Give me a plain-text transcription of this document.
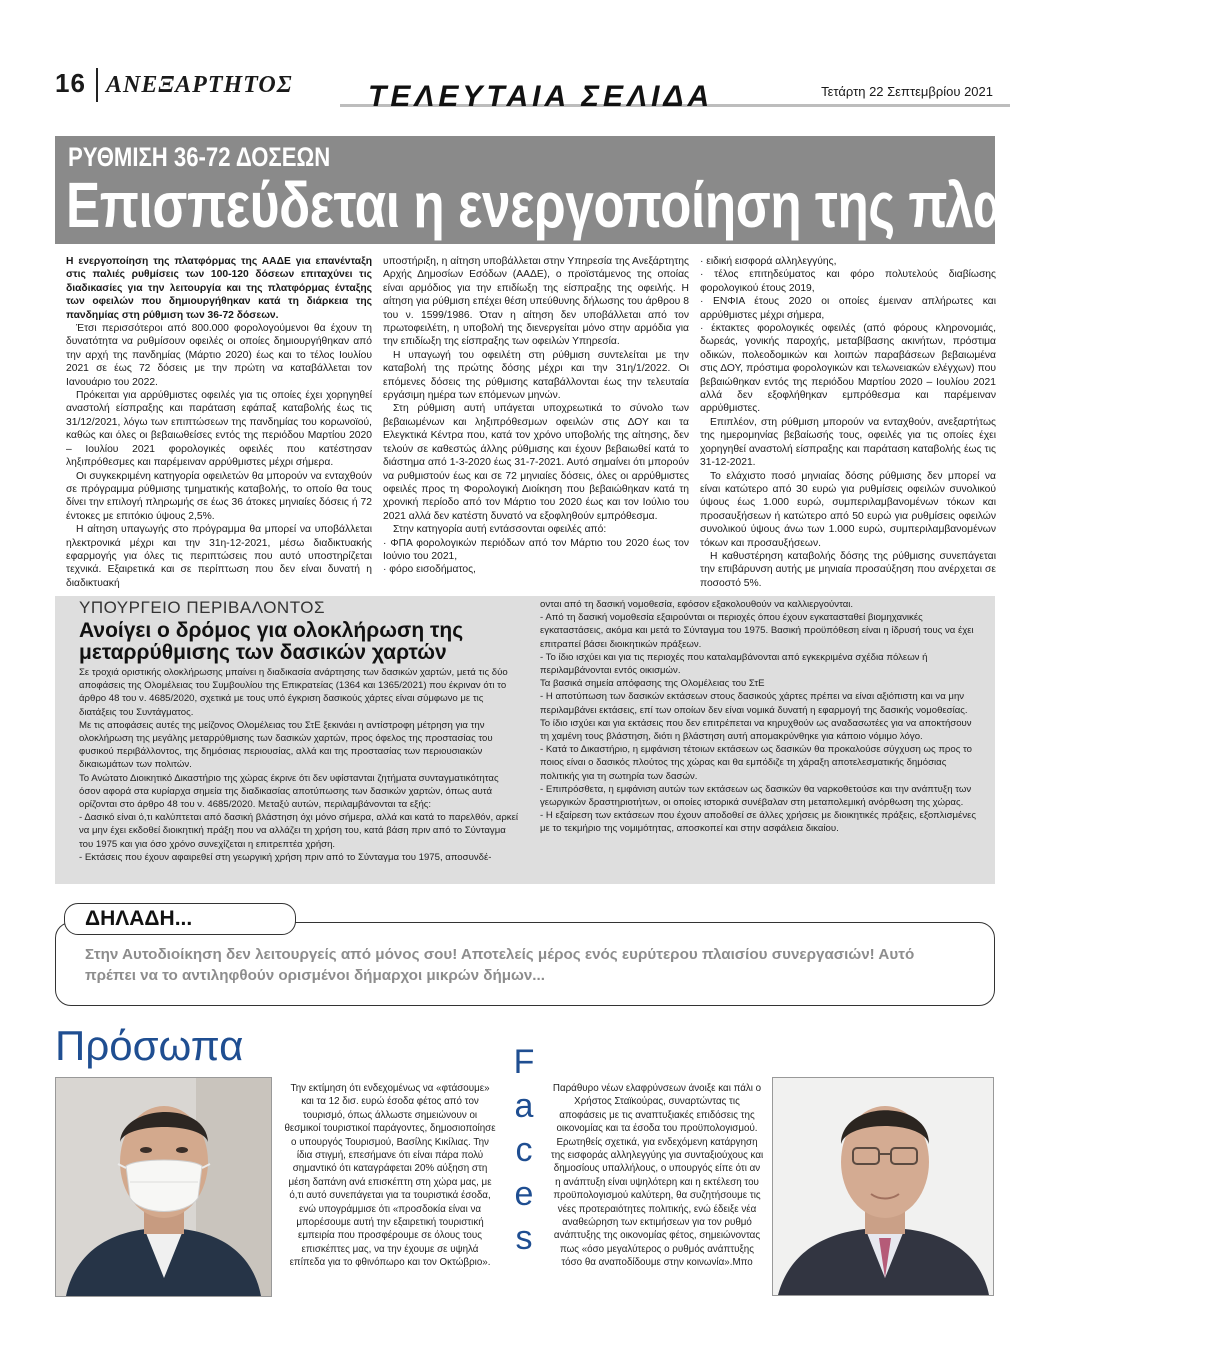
16 ΑΝΕΞΑΡΤΗΤΟΣ	ΤΕΛΕΥΤΑΙΑ ΣΕΛΙΔΑ	Τετάρτη 22 Σεπτεμβρίου 2021
ΡΥΘΜΙΣΗ 36-72 ΔΟΣΕΩΝ
Επισπεύδεται η ενεργοποίηση της πλατφόρμας

Η ενεργοποίηση της πλατφόρμας της ΑΑΔΕ για επανένταξη στις παλιές ρυθμίσεις των 100-120 δόσεων επιταχύνει τις διαδικασίες για την λειτουργία και της πλατφόρμας ένταξης των οφειλών που δημιουργήθηκαν κατά τη διάρκεια της πανδημίας στη ρύθμιση των 36-72 δόσεων.

Έτσι περισσότεροι από 800.000 φορολογούμενοι θα έχουν τη δυνατότητα να ρυθμίσουν οφειλές οι οποίες δημιουργήθηκαν από την αρχή της πανδημίας (Μάρτιο 2020) έως και το τέλος Ιουλίου 2021 σε έως 72 δόσεις με την πρώτη να καταβάλλεται τον Ιανουάριο του 2022.

Πρόκειται για αρρύθμιστες οφειλές για τις οποίες έχει χορηγηθεί αναστολή είσπραξης και παράταση εφάπαξ καταβολής έως τις 31/12/2021, λόγω των επιπτώσεων της πανδημίας του κορωνοϊού, καθώς και όλες οι βεβαιωθείσες εντός της περιόδου Μαρτίου 2020 – Ιουλίου 2021 φορολογικές οφειλές που κατέστησαν ληξιπρόθεσμες και παρέμειναν αρρύθμιστες μέχρι σήμερα.

Οι συγκεκριμένη κατηγορία οφειλετών θα μπορούν να ενταχθούν σε πρόγραμμα ρύθμισης τμηματικής καταβολής, το οποίο θα τους δίνει την επιλογή πληρωμής σε έως 36 άτοκες μηνιαίες δόσεις ή 72 έντοκες με επιτόκιο ύψους 2,5%.

Η αίτηση υπαγωγής στο πρόγραμμα θα μπορεί να υποβάλλεται ηλεκτρονικά μέχρι και την 31η-12-2021, μέσω διαδικτυακής εφαρμογής για όλες τις περιπτώσεις που αυτό υποστηρίζεται τεχνικά. Εξαιρετικά και σε περίπτωση που δεν είναι δυνατή η διαδικτυακή

υποστήριξη, η αίτηση υποβάλλεται στην Υπηρεσία της Ανεξάρτητης Αρχής Δημοσίων Εσόδων (ΑΑΔΕ), ο προϊστάμενος της οποίας είναι αρμόδιος για την επιδίωξη της είσπραξης της οφειλής. Η αίτηση για ρύθμιση επέχει θέση υπεύθυνης δήλωσης του άρθρου 8 του ν. 1599/1986. Όταν η αίτηση δεν υποβάλλεται από τον πρωτοφειλέτη, η υποβολή της διενεργείται μόνο στην αρμόδια για την επιδίωξη της είσπραξης των οφειλών Υπηρεσία.

Η υπαγωγή του οφειλέτη στη ρύθμιση συντελείται με την καταβολή της πρώτης δόσης μέχρι και την 31η/1/2022. Οι επόμενες δόσεις της ρύθμισης καταβάλλονται έως την τελευταία εργάσιμη ημέρα των επόμενων μηνών.

Στη ρύθμιση αυτή υπάγεται υποχρεωτικά το σύνολο των βεβαιωμένων και ληξιπρόθεσμων οφειλών στις ΔΟΥ και τα Ελεγκτικά Κέντρα που, κατά τον χρόνο υποβολής της αίτησης, δεν τελούν σε καθεστώς άλλης ρύθμισης και έχουν βεβαιωθεί κατά το διάστημα από 1-3-2020 έως 31-7-2021. Αυτό σημαίνει ότι μπορούν να ρυθμιστούν έως και σε 72 μηνιαίες δόσεις, όλες οι αρρύθμιστες οφειλές προς τη Φορολογική Διοίκηση που βεβαιώθηκαν κατά τη χρονική περίοδο από τον Μάρτιο του 2020 έως και τον Ιούλιο του 2021 αλλά δεν κατέστη δυνατό να εξοφληθούν εμπρόθεσμα.

Στην κατηγορία αυτή εντάσσονται οφειλές από:

· ΦΠΑ φορολογικών περιόδων από τον Μάρτιο του 2020 έως τον Ιούνιο του 2021,

· φόρο εισοδήματος,

· ειδική εισφορά αλληλεγγύης,

· τέλος επιτηδεύματος και φόρο πολυτελούς διαβίωσης φορολογικού έτους 2019,

· ΕΝΦΙΑ έτους 2020 οι οποίες έμειναν απλήρωτες και αρρύθμιστες μέχρι σήμερα,

· έκτακτες φορολογικές οφειλές (από φόρους κληρονομιάς, δωρεάς, γονικής παροχής, μεταβίβασης ακινήτων, πρόστιμα οδικών, πολεοδομικών και λοιπών παραβάσεων βεβαιωμένα στις ΔΟΥ, πρόστιμα φορολογικών και τελωνειακών ελέγχων) που βεβαιώθηκαν εντός της περιόδου Μαρτίου 2020 – Ιουλίου 2021 αλλά δεν εξοφλήθηκαν εμπρόθεσμα και παρέμειναν αρρύθμιστες.

Επιπλέον, στη ρύθμιση μπορούν να ενταχθούν, ανεξαρτήτως της ημερομηνίας βεβαίωσής τους, οφειλές για τις οποίες έχει χορηγηθεί αναστολή είσπραξης και παράταση καταβολής έως τις 31-12-2021.

Το ελάχιστο ποσό μηνιαίας δόσης ρύθμισης δεν μπορεί να είναι κατώτερο από 30 ευρώ για ρυθμίσεις οφειλών συνολικού ύψους έως 1.000 ευρώ, συμπεριλαμβανομένων τόκων και προσαυξήσεων ή κατώτερο από 50 ευρώ για ρυθμίσεις οφειλών συνολικού ύψους άνω των 1.000 ευρώ, συμπεριλαμβανομένων τόκων και προσαυξήσεων.

Η καθυστέρηση καταβολής δόσης της ρύθμισης συνεπάγεται την επιβάρυνση αυτής με μηνιαία προσαύξηση που ανέρχεται σε ποσοστό 5%.

ΥΠΟΥΡΓΕΙΟ ΠΕΡΙΒΑΛΟΝΤΟΣ
Ανοίγει ο δρόμος για ολοκλήρωση της μεταρρύθμισης των δασικών χαρτών

Σε τροχιά οριστικής ολοκλήρωσης μπαίνει η διαδικασία ανάρτησης των δασικών χαρτών, μετά τις δύο αποφάσεις της Ολομέλειας του Συμβουλίου της Επικρατείας (1364 και 1365/2021) που έκριναν ότι το άρθρο 48 του ν. 4685/2020, σχετικά με τους υπό έγκριση δασικούς χάρτες είναι σύμφωνο με τις διατάξεις του Συντάγματος.

Με τις αποφάσεις αυτές της μείζονος Ολομέλειας του ΣτΕ ξεκινάει η αντίστροφη μέτρηση για την ολοκλήρωση της μεγάλης μεταρρύθμισης των δασικών χαρτών, προς όφελος της προστασίας του φυσικού περιβάλλοντος, της δημόσιας περιουσίας, αλλά και της προστασίας των περιουσιακών δικαιωμάτων των πολιτών.

Το Ανώτατο Διοικητικό Δικαστήριο της χώρας έκρινε ότι δεν υφίστανται ζητήματα συνταγματικότητας όσον αφορά στα κυρίαρχα σημεία της διαδικασίας αποτύπωσης των δασικών χαρτών, όπως αυτά ορίζονται στο άρθρο 48 του ν. 4685/2020. Μεταξύ αυτών, περιλαμβάνονται τα εξής:

- Δασικό είναι ό,τι καλύπτεται από δασική βλάστηση όχι μόνο σήμερα, αλλά και κατά το παρελθόν, αρκεί να μην έχει εκδοθεί διοικητική πράξη που να αλλάζει τη χρήση του, κατά βάση πριν από το Σύνταγμα του 1975 και για όσο χρόνο συνεχίζεται η επιτρεπτέα χρήση.

- Εκτάσεις που έχουν αφαιρεθεί στη γεωργική χρήση πριν από το Σύνταγμα του 1975, αποσυνδέ-

ονται από τη δασική νομοθεσία, εφόσον εξακολουθούν να καλλιεργούνται.

- Από τη δασική νομοθεσία εξαιρούνται οι περιοχές όπου έχουν εγκατασταθεί βιομηχανικές εγκαταστάσεις, ακόμα και μετά το Σύνταγμα του 1975. Βασική προϋπόθεση είναι η ίδρυσή τους να έχει επιτραπεί βάσει διοικητικών πράξεων.

- Το ίδιο ισχύει και για τις περιοχές που καταλαμβάνονται από εγκεκριμένα σχέδια πόλεων ή περιλαμβάνονται εντός οικισμών.

Τα βασικά σημεία απόφασης της Ολομέλειας του ΣτΕ

- Η αποτύπωση των δασικών εκτάσεων στους δασικούς χάρτες πρέπει να είναι αξιόπιστη και να μην περιλαμβάνει εκτάσεις, επί των οποίων δεν είναι νομικά δυνατή η εφαρμογή της δασικής νομοθεσίας. Το ίδιο ισχύει και για εκτάσεις που δεν επιτρέπεται να κηρυχθούν ως αναδασωτέες για να αποκτήσουν τη χαμένη τους βλάστηση, διότι η βλάστηση αυτή απομακρύνθηκε για κάποιο νόμιμο λόγο.

- Κατά το Δικαστήριο, η εμφάνιση τέτοιων εκτάσεων ως δασικών θα προκαλούσε σύγχυση ως προς το ποιος είναι ο δασικός πλούτος της χώρας και θα εμπόδιζε τη χάραξη αποτελεσματικής δημόσιας πολιτικής για τη σωτηρία των δασών.

- Επιπρόσθετα, η εμφάνιση αυτών των εκτάσεων ως δασικών θα ναρκοθετούσε και την ανάπτυξη των γεωργικών δραστηριοτήτων, οι οποίες ιστορικά συνέβαλαν στη μεταπολεμική ανόρθωση της χώρας.

- Η εξαίρεση των εκτάσεων που έχουν αποδοθεί σε άλλες χρήσεις με διοικητικές πράξεις, εξοπλισμένες με το τεκμήριο της νομιμότητας, αποσκοπεί και στην ασφάλεια δικαίου.

ΔΗΛΑΔΗ...
Στην Αυτοδιοίκηση δεν λειτουργείς από μόνος σου! Αποτελείς μέρος ενός ευρύτερου πλαισίου συνεργασιών! Αυτό πρέπει να το αντιληφθούν ορισμένοι δήμαρχοι μικρών δήμων...
Πρόσωπα	F
a
c
e
s

Την εκτίμηση ότι ενδεχομένως να «φτάσουμε» και τα 12 δισ. ευρώ έσοδα φέτος από τον τουρισμό, όπως άλλωστε σημειώνουν οι θεσμικοί τουριστικοί παράγοντες, δημοσιοποίησε ο υπουργός Τουρισμού, Βασίλης Κικίλιας. Την ίδια στιγμή, επεσήμανε ότι είναι πάρα πολύ σημαντικό ότι καταγράφεται 20% αύξηση στη μέση δαπάνη ανά επισκέπτη στη χώρα μας, με ό,τι αυτό συνεπάγεται για τα τουριστικά έσοδα, ενώ υπογράμμισε ότι «προσδοκία είναι να μπορέσουμε αυτή την εξαιρετική τουριστική εμπειρία που προσφέρουμε σε όλους τους επισκέπτες μας, να την έχουμε σε υψηλά επίπεδα για το φθινόπωρο και τον Οκτώβριο».

Παράθυρο νέων ελαφρύνσεων άνοιξε και πάλι ο Χρήστος Σταϊκούρας, συναρτώντας τις αποφάσεις με τις αναπτυξιακές επιδόσεις της οικονομίας και τα έσοδα του προϋπολογισμού. Ερωτηθείς σχετικά, για ενδεχόμενη κατάργηση της εισφοράς αλληλεγγύης για συνταξιούχους και δημοσίους υπαλλήλους, ο υπουργός είπε ότι αν η ανάπτυξη είναι υψηλότερη και η εκτέλεση του προϋπολογισμού καλύτερη, θα συζητήσουμε τις νέες προτεραιότητες πολιτικής, ενώ έδειξε νέα αναθεώρηση των εκτιμήσεων για τον ρυθμό ανάπτυξης της οικονομίας φέτος, σημειώνοντας πως «όσο μεγαλύτερος ο ρυθμός ανάπτυξης τόσο θα αναποδίδουμε στην κοινωνία».Μπο
